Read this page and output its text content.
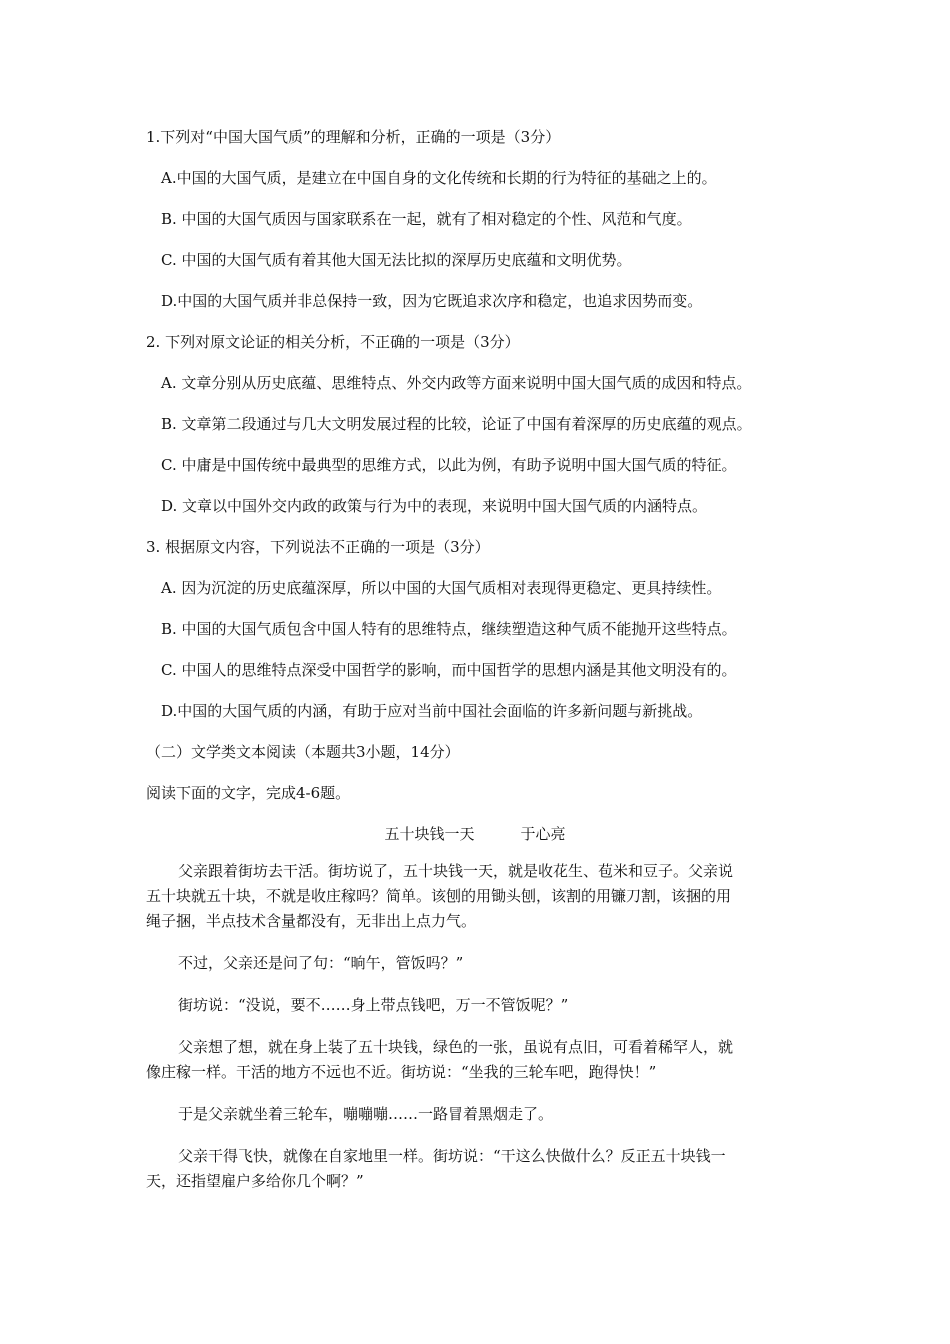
1.下列对“中国大国气质”的理解和分析，正确的一项是（3分）
A.中国的大国气质，是建立在中国自身的文化传统和长期的行为特征的基础之上的。
B. 中国的大国气质因与国家联系在一起，就有了相对稳定的个性、风范和气度。
C. 中国的大国气质有着其他大国无法比拟的深厚历史底蕴和文明优势。
D.中国的大国气质并非总保持一致，因为它既追求次序和稳定，也追求因势而变。
2. 下列对原文论证的相关分析，不正确的一项是（3分）
A. 文章分别从历史底蕴、思维特点、外交内政等方面来说明中国大国气质的成因和特点。
B. 文章第二段通过与几大文明发展过程的比较，论证了中国有着深厚的历史底蕴的观点。
C. 中庸是中国传统中最典型的思维方式，以此为例，有助予说明中国大国气质的特征。
D. 文章以中国外交内政的政策与行为中的表现，来说明中国大国气质的内涵特点。
3. 根据原文内容，下列说法不正确的一项是（3分）
A. 因为沉淀的历史底蕴深厚，所以中国的大国气质相对表现得更稳定、更具持续性。
B. 中国的大国气质包含中国人特有的思维特点，继续塑造这种气质不能抛开这些特点。
C. 中国人的思维特点深受中国哲学的影响，而中国哲学的思想内涵是其他文明没有的。
D.中国的大国气质的内涵，有助于应对当前中国社会面临的许多新问题与新挑战。
（二）文学类文本阅读（本题共3小题，14分）
阅读下面的文字，完成4-6题。
五十块钱一天	于心亮
父亲跟着街坊去干活。街坊说了，五十块钱一天，就是收花生、苞米和豆子。父亲说
五十块就五十块，不就是收庄稼吗？简单。该刨的用锄头刨，该割的用镰刀割，该捆的用
绳子捆，半点技术含量都没有，无非出上点力气。
不过，父亲还是问了句：“晌午，管饭吗？”
街坊说：“没说，要不……身上带点钱吧，万一不管饭呢？”
父亲想了想，就在身上装了五十块钱，绿色的一张，虽说有点旧，可看着稀罕人，就
像庄稼一样。干活的地方不远也不近。街坊说：“坐我的三轮车吧，跑得快！”
于是父亲就坐着三轮车，嘣嘣嘣……一路冒着黑烟走了。
父亲干得飞快，就像在自家地里一样。街坊说：“干这么快做什么？反正五十块钱一
天，还指望雇户多给你几个啊？”
